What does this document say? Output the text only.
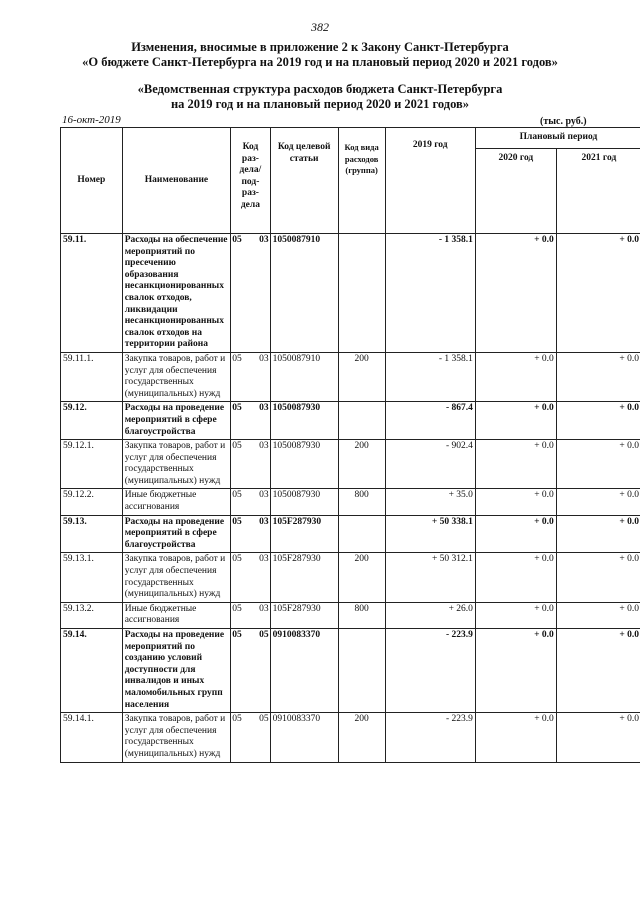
382
Изменения, вносимые в приложение 2 к Закону Санкт-Петербурга
«О бюджете Санкт-Петербурга на 2019 год и на плановый период 2020 и 2021 годов»
«Ведомственная структура расходов бюджета Санкт-Петербурга
на 2019 год и на плановый период 2020 и 2021 годов»
16-окт-2019	(тыс. руб.)
Номер	Наименование	Код раз-дела/ под-раз-дела	Код целевой статьи	Код вида расходов (группа)	2019 год	Плановый период	
						2020 год	2021 год

59.11.	Расходы на обеспечение мероприятий по пресечению образования несанкционированных свалок отходов, ликвидации несанкционированных свалок отходов на территории района	05 03	1050087910		- 1 358.1	+ 0.0	+ 0.0
59.11.1.	Закупка товаров, работ и услуг для обеспечения государственных (муниципальных) нужд	05 03	1050087910	200	- 1 358.1	+ 0.0	+ 0.0
59.12.	Расходы на проведение мероприятий в сфере благоустройства	05 03	1050087930		- 867.4	+ 0.0	+ 0.0
59.12.1.	Закупка товаров, работ и услуг для обеспечения государственных (муниципальных) нужд	05 03	1050087930	200	- 902.4	+ 0.0	+ 0.0
59.12.2.	Иные бюджетные ассигнования	05 03	1050087930	800	+ 35.0	+ 0.0	+ 0.0
59.13.	Расходы на проведение мероприятий в сфере благоустройства	05 03	105F287930		+ 50 338.1	+ 0.0	+ 0.0
59.13.1.	Закупка товаров, работ и услуг для обеспечения государственных (муниципальных) нужд	05 03	105F287930	200	+ 50 312.1	+ 0.0	+ 0.0
59.13.2.	Иные бюджетные ассигнования	05 03	105F287930	800	+ 26.0	+ 0.0	+ 0.0
59.14.	Расходы на проведение мероприятий по созданию условий доступности для инвалидов и иных маломобильных групп населения	05 05	0910083370		- 223.9	+ 0.0	+ 0.0
59.14.1.	Закупка товаров, работ и услуг для обеспечения государственных (муниципальных) нужд	05 05	0910083370	200	- 223.9	+ 0.0	+ 0.0
